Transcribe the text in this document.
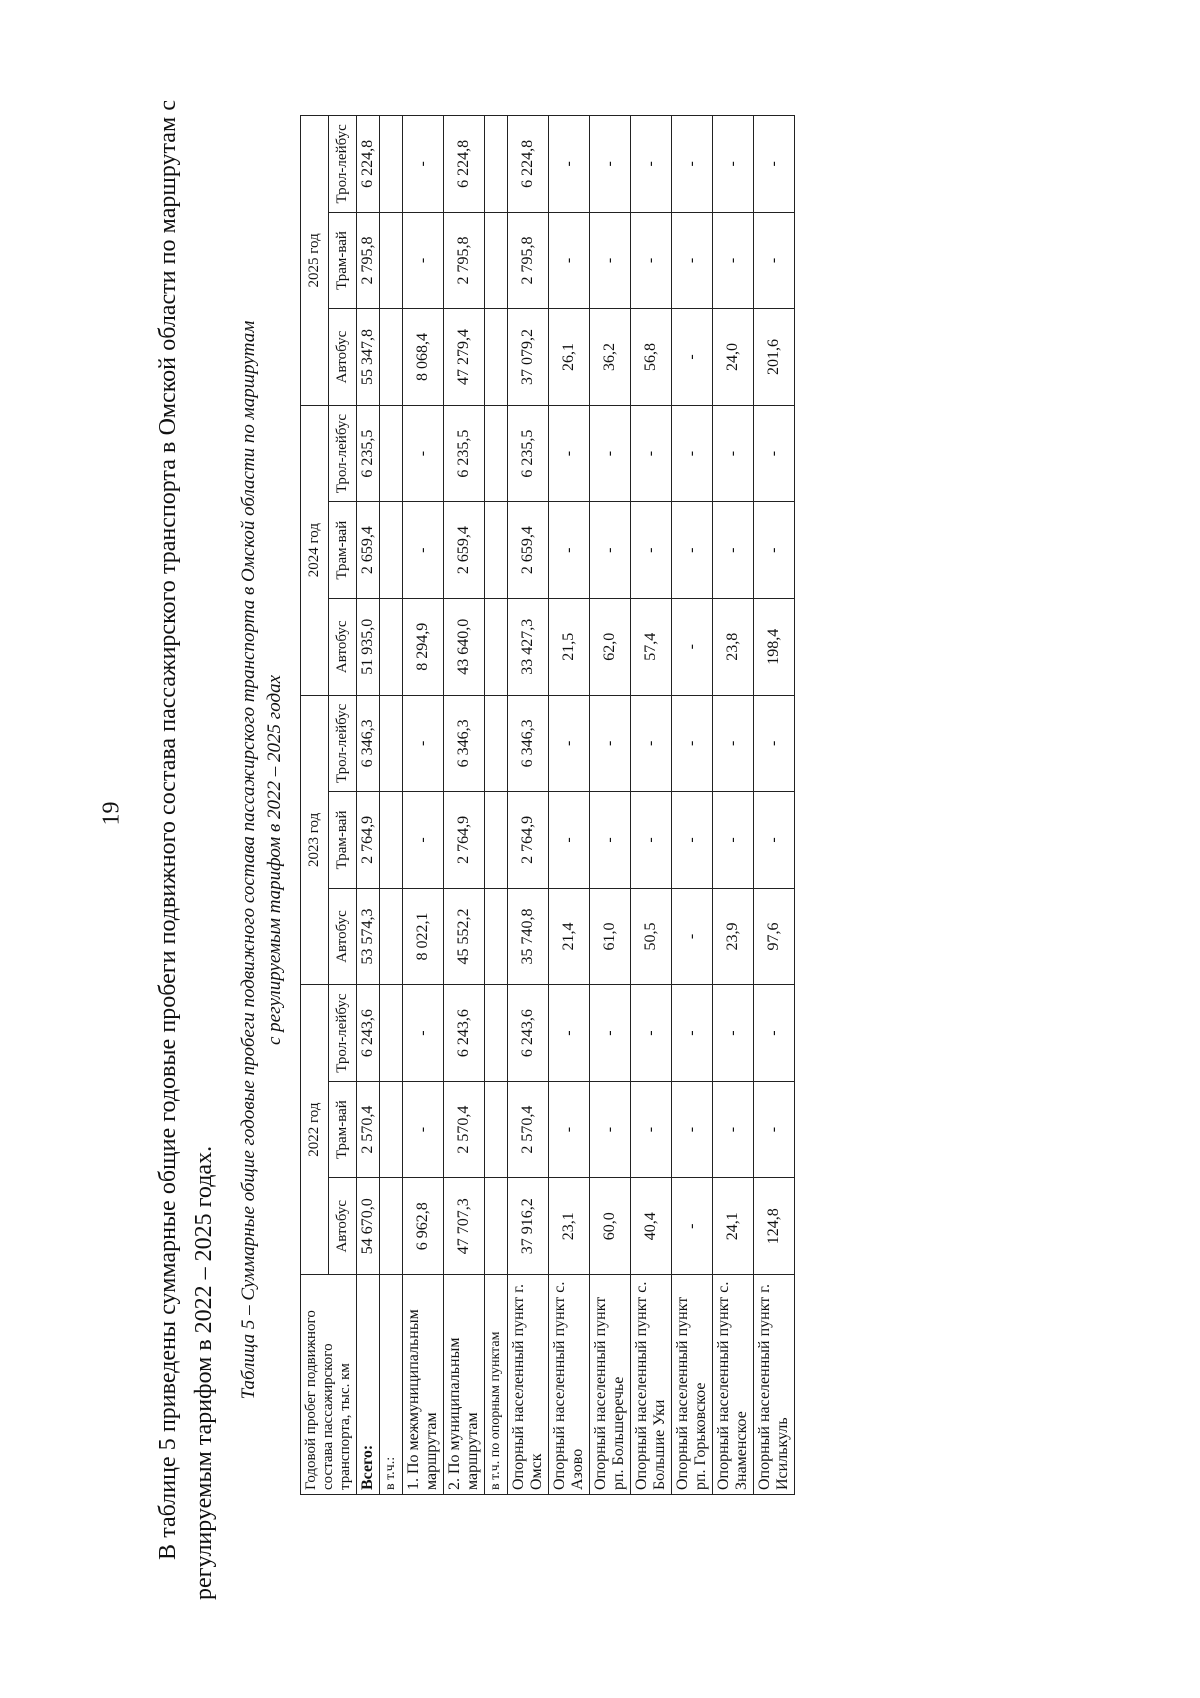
19 В таблице 5 приведены суммарные общие годовые пробеги подвижного состава пассажирского транспорта в Омской области по маршрутам с регулируемым тарифом в 2022 – 2025 годах. Таблица 5 – Суммарные общие годовые пробеги подвижного состава пассажирского транспорта в Омской области по маршрутам с регулируемым тарифом в 2022 – 2025 годах
Годовой пробег подвижного состава пассажирского транспорта, тыс. км	2022 год			2023 год			2024 год			2025 год		
	Автобус	Трам-вай	Трол-лейбус	Автобус	Трам-вай	Трол-лейбус	Автобус	Трам-вай	Трол-лейбус	Автобус	Трам-вай	Трол-лейбус
Всего:	54 670,0	2 570,4	6 243,6	53 574,3	2 764,9	6 346,3	51 935,0	2 659,4	6 235,5	55 347,8	2 795,8	6 224,8
в т.ч.:												
1. По межмуниципальным маршрутам	6 962,8	-	-	8 022,1	-	-	8 294,9	-	-	8 068,4	-	-
2. По муниципальным маршрутам	47 707,3	2 570,4	6 243,6	45 552,2	2 764,9	6 346,3	43 640,0	2 659,4	6 235,5	47 279,4	2 795,8	6 224,8
в т.ч. по опорным пунктам												
Опорный населенный пункт г. Омск	37 916,2	2 570,4	6 243,6	35 740,8	2 764,9	6 346,3	33 427,3	2 659,4	6 235,5	37 079,2	2 795,8	6 224,8
Опорный населенный пункт с. Азово	23,1	-	-	21,4	-	-	21,5	-	-	26,1	-	-
Опорный населенный пункт рп. Большеречье	60,0	-	-	61,0	-	-	62,0	-	-	36,2	-	-
Опорный населенный пункт с. Большие Уки	40,4	-	-	50,5	-	-	57,4	-	-	56,8	-	-
Опорный населенный пункт рп. Горьковское	-	-	-	-	-	-	-	-	-	-	-	-
Опорный населенный пункт с. Знаменское	24,1	-	-	23,9	-	-	23,8	-	-	24,0	-	-
Опорный населенный пункт г. Исилькуль	124,8	-	-	97,6	-	-	198,4	-	-	201,6	-	-
